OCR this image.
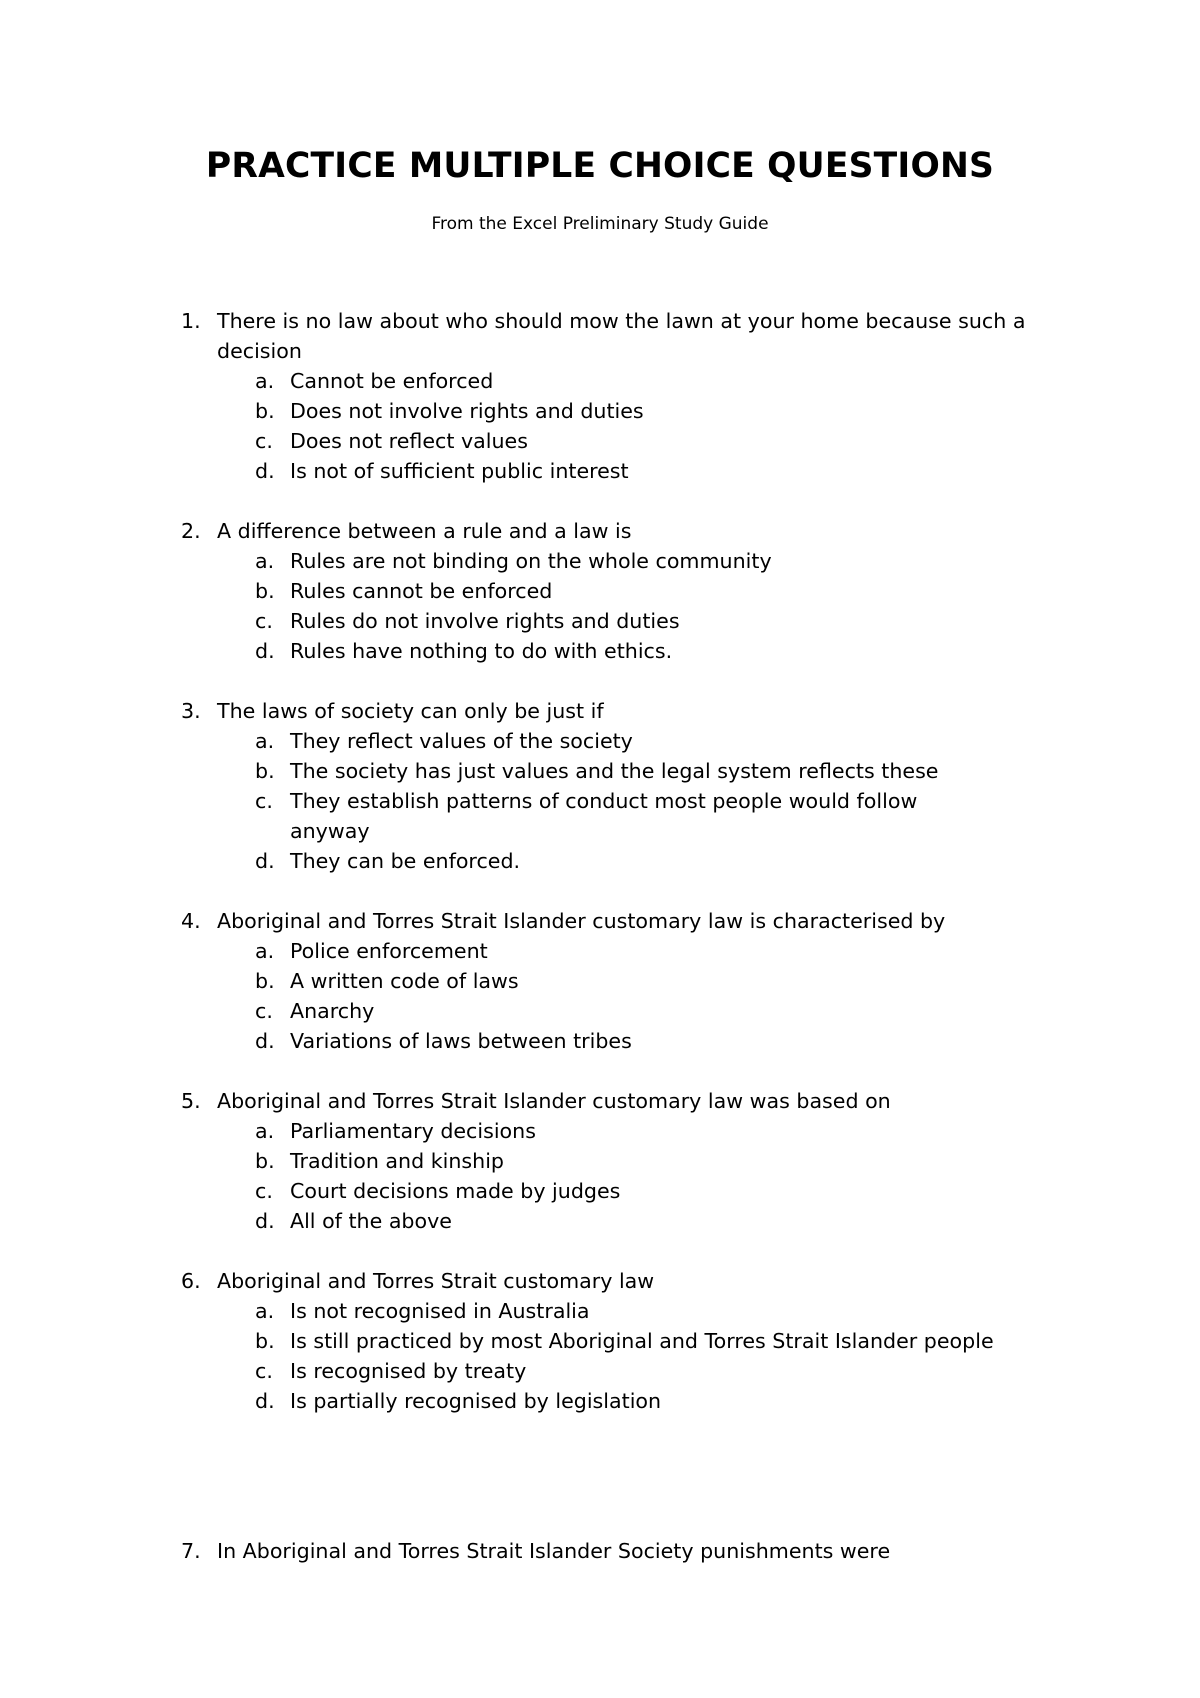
PRACTICE MULTIPLE CHOICE QUESTIONS
From the Excel Preliminary Study Guide
1. There is no law about who should mow the lawn at your home because such a decision
a. Cannot be enforced
b. Does not involve rights and duties
c. Does not reflect values
d. Is not of sufficient public interest
2. A difference between a rule and a law is
a. Rules are not binding on the whole community
b. Rules cannot be enforced
c. Rules do not involve rights and duties
d. Rules have nothing to do with ethics.
3. The laws of society can only be just if
a. They reflect values of the society
b. The society has just values and the legal system reflects these
c. They establish patterns of conduct most people would follow anyway
d. They can be enforced.
4. Aboriginal and Torres Strait Islander customary law is characterised by
a. Police enforcement
b. A written code of laws
c. Anarchy
d. Variations of laws between tribes
5. Aboriginal and Torres Strait Islander customary law was based on
a. Parliamentary decisions
b. Tradition and kinship
c. Court decisions made by judges
d. All of the above
6. Aboriginal and Torres Strait customary law
a. Is not recognised in Australia
b. Is still practiced by most Aboriginal and Torres Strait Islander people
c. Is recognised by treaty
d. Is partially recognised by legislation
7. In Aboriginal and Torres Strait Islander Society punishments were
